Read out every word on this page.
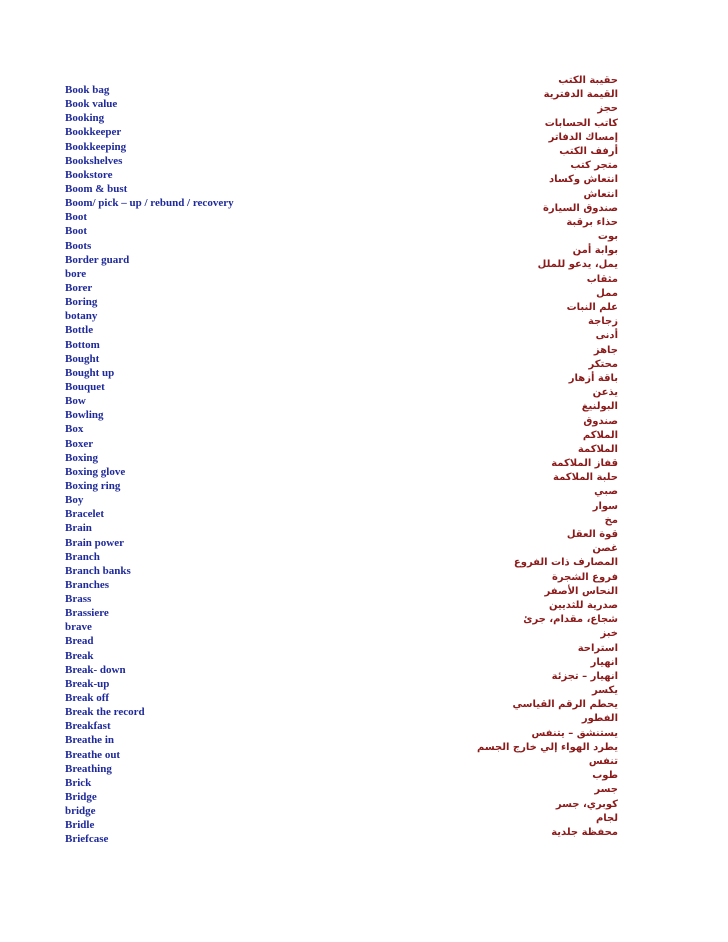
Book bag
Book value
Booking
Bookkeeper
Bookkeeping
Bookshelves
Bookstore
Boom & bust
Boom/ pick – up / rebund / recovery
Boot
Boot
Boots
Border guard
bore
Borer
Boring
botany
Bottle
Bottom
Bought
Bought up
Bouquet
Bow
Bowling
Box
Boxer
Boxing
Boxing glove
Boxing ring
Boy
Bracelet
Brain
Brain power
Branch
Branch banks
Branches
Brass
Brassiere
brave
Bread
Break
Break- down
Break-up
Break off
Break the record
Breakfast
Breathe in
Breathe out
Breathing
Brick
Bridge
bridge
Bridle
Briefcase
حقيبة الكتب
القيمة الدفترية
حجز
كاتب الحسابات
إمساك الدفاتر
أرفف الكتب
متجر كتب
انتعاش وكساد
انتعاش
صندوق السيارة
حذاء برقبة
بوت
بوابة أمن
يمل، يدعو للملل
مثقاب
ممل
علم النبات
زجاجة
أدنى
جاهز
محتكر
باقة أزهار
يذعن
البولنيغ
صندوق
الملاكم
الملاكمة
قفاز الملاكمة
حلبة الملاكمة
صبي
سوار
مخ
قوة العقل
غصن
المصارف ذات الفروع
فروع الشجرة
النحاس الأصفر
صدرية للثديين
شجاع، مقدام، جرئ
خبز
استراحة
انهيار
انهيار – تجزئة
يكسر
يحطم الرقم القياسي
الفطور
يستنشق – يتنفس
يطرد الهواء إلي خارج الجسم
تنفس
طوب
جسر
كوبري، جسر
لجام
محفظة جلدية
